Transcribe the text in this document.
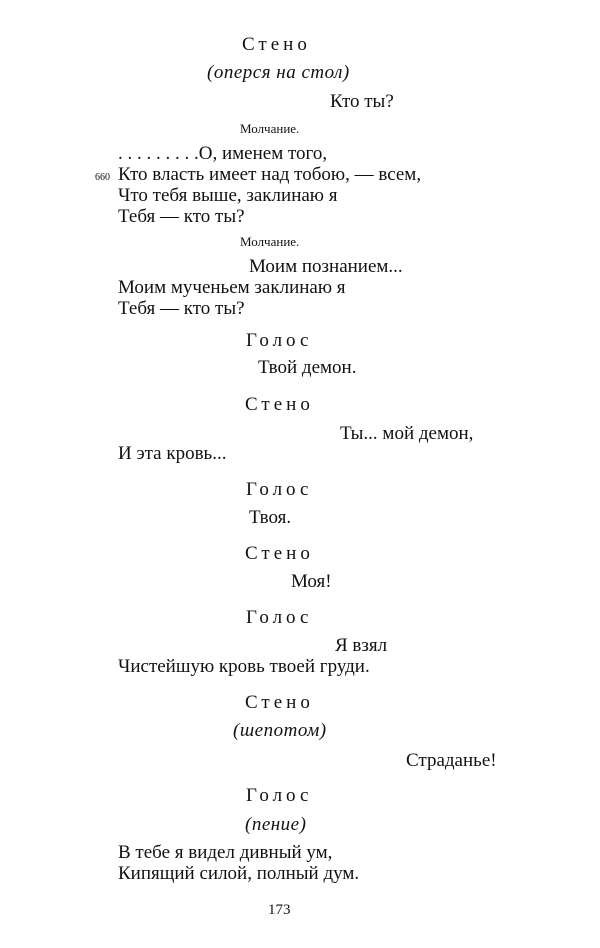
Стено
(оперся на стол)
Кто ты?
Молчание.
. . . . . . . . .О, именем того,
660 Кто власть имеет над тобою, — всем,
Что тебя выше, заклинаю я
Тебя — кто ты?
Молчание.
Моим познанием...
Моим мученьем заклинаю я
Тебя — кто ты?
Голос
Твой демон.
Стено
Ты... мой демон,
И эта кровь...
Голос
Твоя.
Стено
Моя!
Голос
Я взял
Чистейшую кровь твоей груди.
Стено
(шепотом)
Страданье!
Голос
(пение)
В тебе я видел дивный ум,
Кипящий силой, полный дум.
173
